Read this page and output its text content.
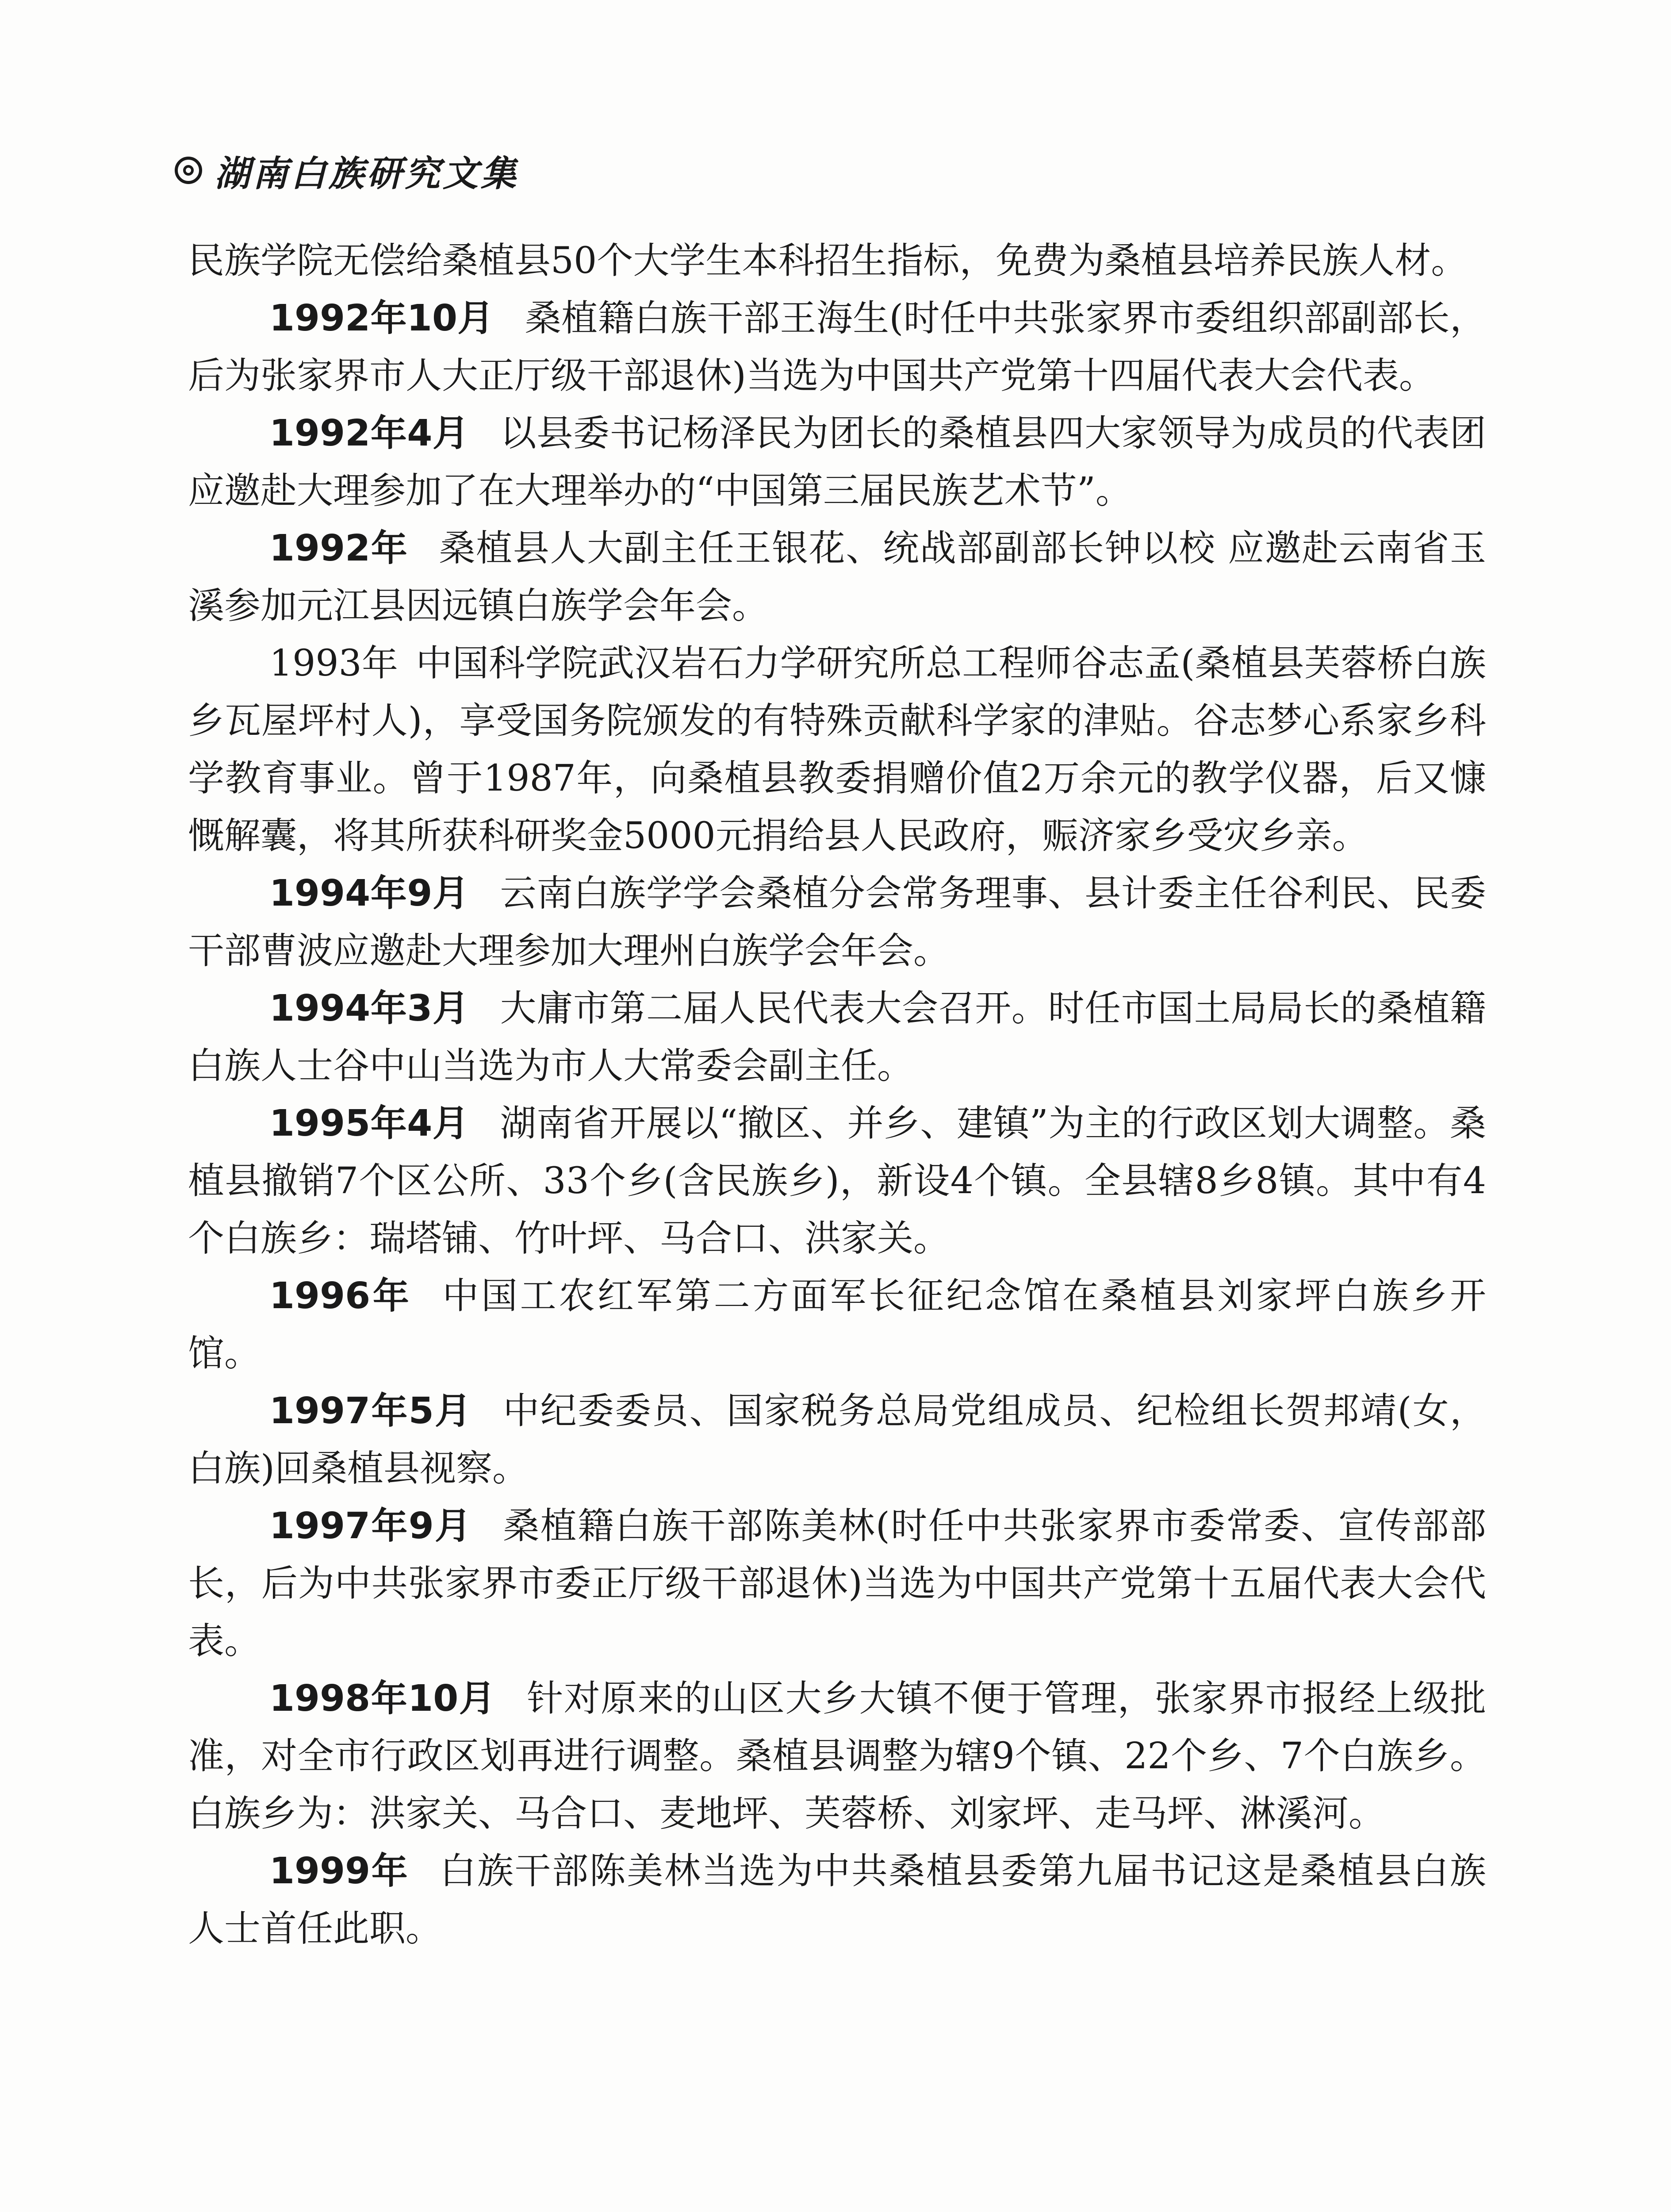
湖南白族研究文集

民族学院无偿给桑植县50个大学生本科招生指标，免费为桑植县培养民族人材。

1992年10月 桑植籍白族干部王海生(时任中共张家界市委组织部副部长，后为张家界市人大正厅级干部退休)当选为中国共产党第十四届代表大会代表。

1992年4月 以县委书记杨泽民为团长的桑植县四大家领导为成员的代表团应邀赴大理参加了在大理举办的“中国第三届民族艺术节”。

1992年 桑植县人大副主任王银花、统战部副部长钟以校 应邀赴云南省玉溪参加元江县因远镇白族学会年会。

1993年 中国科学院武汉岩石力学研究所总工程师谷志孟(桑植县芙蓉桥白族乡瓦屋坪村人)，享受国务院颁发的有特殊贡献科学家的津贴。谷志梦心系家乡科学教育事业。曾于1987年，向桑植县教委捐赠价值2万余元的教学仪器，后又慷慨解囊，将其所获科研奖金5000元捐给县人民政府，赈济家乡受灾乡亲。

1994年9月 云南白族学学会桑植分会常务理事、县计委主任谷利民、民委干部曹波应邀赴大理参加大理州白族学会年会。

1994年3月 大庸市第二届人民代表大会召开。时任市国土局局长的桑植籍白族人士谷中山当选为市人大常委会副主任。

1995年4月 湖南省开展以“撤区、并乡、建镇”为主的行政区划大调整。桑植县撤销7个区公所、33个乡(含民族乡)，新设4个镇。全县辖8乡8镇。其中有4个白族乡：瑞塔铺、竹叶坪、马合口、洪家关。

1996年 中国工农红军第二方面军长征纪念馆在桑植县刘家坪白族乡开馆。

1997年5月 中纪委委员、国家税务总局党组成员、纪检组长贺邦靖(女，白族)回桑植县视察。

1997年9月 桑植籍白族干部陈美林(时任中共张家界市委常委、宣传部部长，后为中共张家界市委正厅级干部退休)当选为中国共产党第十五届代表大会代表。

1998年10月 针对原来的山区大乡大镇不便于管理，张家界市报经上级批准，对全市行政区划再进行调整。桑植县调整为辖9个镇、22个乡、7个白族乡。白族乡为：洪家关、马合口、麦地坪、芙蓉桥、刘家坪、走马坪、淋溪河。

1999年 白族干部陈美林当选为中共桑植县委第九届书记这是桑植县白族人士首任此职。
